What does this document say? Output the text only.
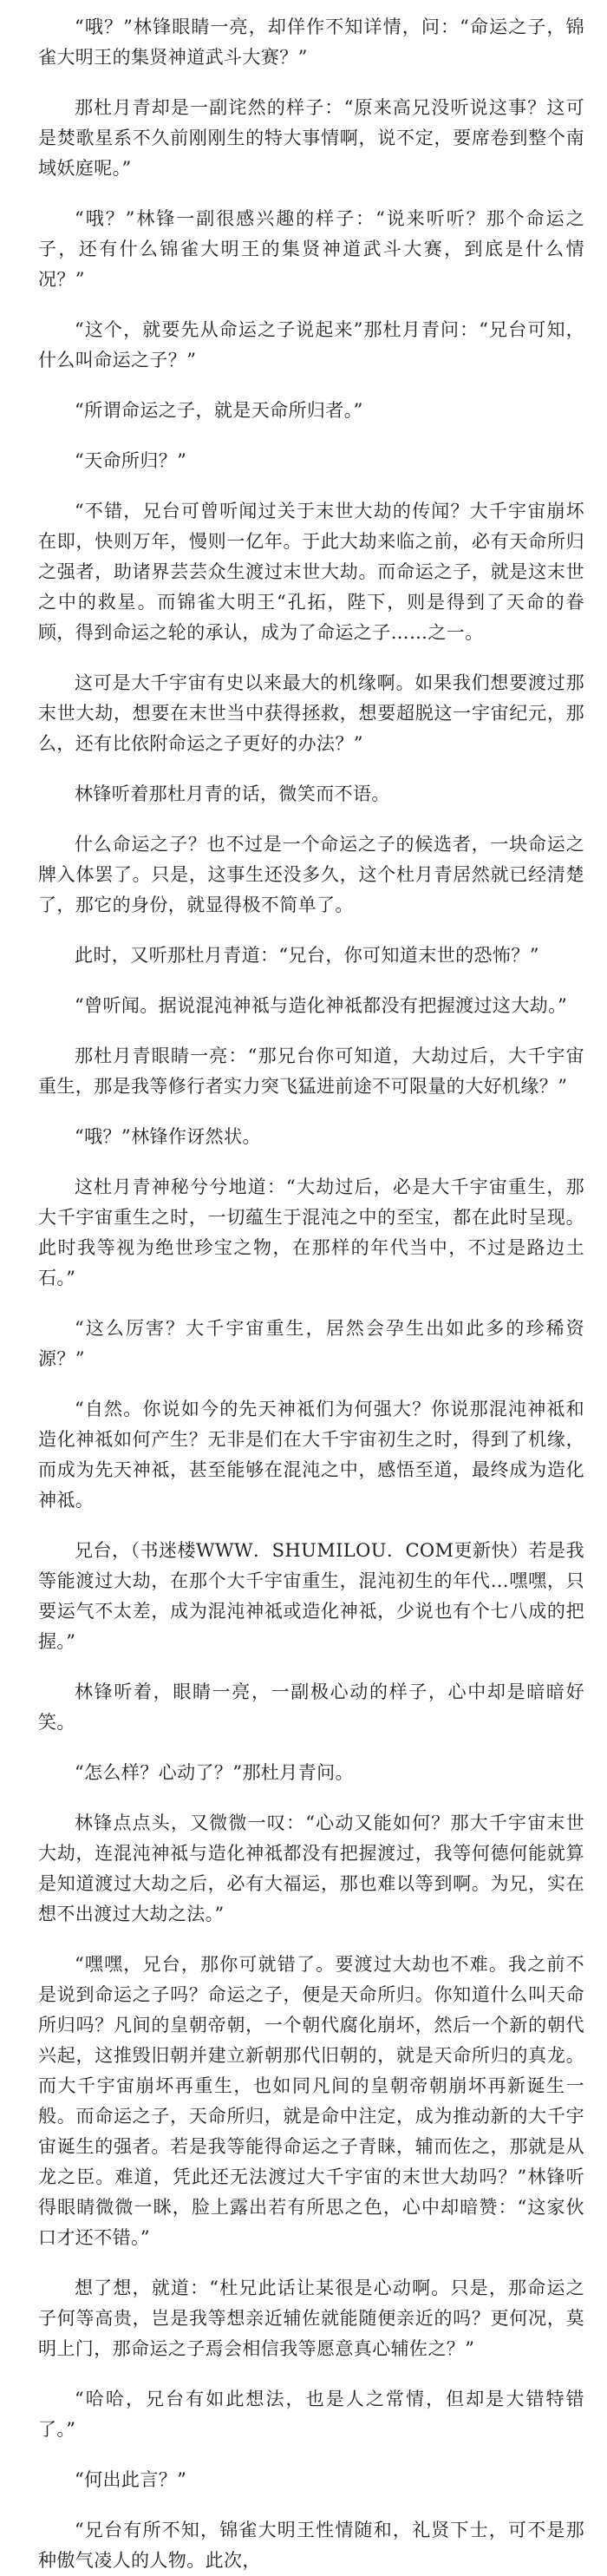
“哦？”林锋眼睛一亮，却佯作不知详情，问：“命运之子，锦雀大明王的集贤神道武斗大赛？”

那杜月青却是一副诧然的样子：“原来高兄没听说这事？这可是焚歌星系不久前刚刚生的特大事情啊，说不定，要席卷到整个南域妖庭呢。”

“哦？”林锋一副很感兴趣的样子：“说来听听？那个命运之子，还有什么锦雀大明王的集贤神道武斗大赛，到底是什么情况？”

“这个，就要先从命运之子说起来”那杜月青问：“兄台可知，什么叫命运之子？”

“所谓命运之子，就是天命所归者。”

“天命所归？”

“不错，兄台可曾听闻过关于末世大劫的传闻？大千宇宙崩坏在即，快则万年，慢则一亿年。于此大劫来临之前，必有天命所归之强者，助诸界芸芸众生渡过末世大劫。而命运之子，就是这末世之中的救星。而锦雀大明王“孔拓，陛下，则是得到了天命的眷顾，得到命运之轮的承认，成为了命运之子……之一。

这可是大千宇宙有史以来最大的机缘啊。如果我们想要渡过那末世大劫，想要在末世当中获得拯救，想要超脱这一宇宙纪元，那么，还有比依附命运之子更好的办法？”

林锋听着那杜月青的话，微笑而不语。

什么命运之子？也不过是一个命运之子的候选者，一块命运之牌入体罢了。只是，这事生还没多久，这个杜月青居然就已经清楚了，那它的身份，就显得极不简单了。

此时，又听那杜月青道：“兄台，你可知道末世的恐怖？”

“曾听闻。据说混沌神祗与造化神祗都没有把握渡过这大劫。”

那杜月青眼睛一亮：“那兄台你可知道，大劫过后，大千宇宙重生，那是我等修行者实力突飞猛进前途不可限量的大好机缘？”

“哦？”林锋作讶然状。

这杜月青神秘兮兮地道：“大劫过后，必是大千宇宙重生，那大千宇宙重生之时，一切蕴生于混沌之中的至宝，都在此时呈现。此时我等视为绝世珍宝之物，在那样的年代当中，不过是路边土石。”

“这么厉害？大千宇宙重生，居然会孕生出如此多的珍稀资源？”

“自然。你说如今的先天神祗们为何强大？你说那混沌神祗和造化神祗如何产生？无非是们在大千宇宙初生之时，得到了机缘，而成为先天神祗，甚至能够在混沌之中，感悟至道，最终成为造化神祗。

兄台，（书迷楼WWW．SHUMILOU．COM更新快）若是我等能渡过大劫，在那个大千宇宙重生，混沌初生的年代…嘿嘿，只要运气不太差，成为混沌神祗或造化神祗，少说也有个七八成的把握。”

林锋听着，眼睛一亮，一副极心动的样子，心中却是暗暗好笑。

“怎么样？心动了？”那杜月青问。

林锋点点头，又微微一叹：“心动又能如何？那大千宇宙末世大劫，连混沌神祗与造化神祗都没有把握渡过，我等何德何能就算是知道渡过大劫之后，必有大福运，那也难以等到啊。为兄，实在想不出渡过大劫之法。”

“嘿嘿，兄台，那你可就错了。要渡过大劫也不难。我之前不是说到命运之子吗？命运之子，便是天命所归。你知道什么叫天命所归吗？凡间的皇朝帝朝，一个朝代腐化崩坏，然后一个新的朝代兴起，这推毁旧朝并建立新朝那代旧朝的，就是天命所归的真龙。而大千宇宙崩坏再重生，也如同凡间的皇朝帝朝崩坏再新诞生一般。而命运之子，天命所归，就是命中注定，成为推动新的大千宇宙诞生的强者。若是我等能得命运之子青睐，辅而佐之，那就是从龙之臣。难道，凭此还无法渡过大千宇宙的末世大劫吗？”林锋听得眼睛微微一眯，脸上露出若有所思之色，心中却暗赞：“这家伙口才还不错。”

想了想，就道：“杜兄此话让某很是心动啊。只是，那命运之子何等高贵，岂是我等想亲近辅佐就能随便亲近的吗？更何况，莫明上门，那命运之子焉会相信我等愿意真心辅佐之？”

“哈哈，兄台有如此想法，也是人之常情，但却是大错特错了。”

“何出此言？”

“兄台有所不知，锦雀大明王性情随和，礼贤下士，可不是那种傲气凌人的人物。此次，
